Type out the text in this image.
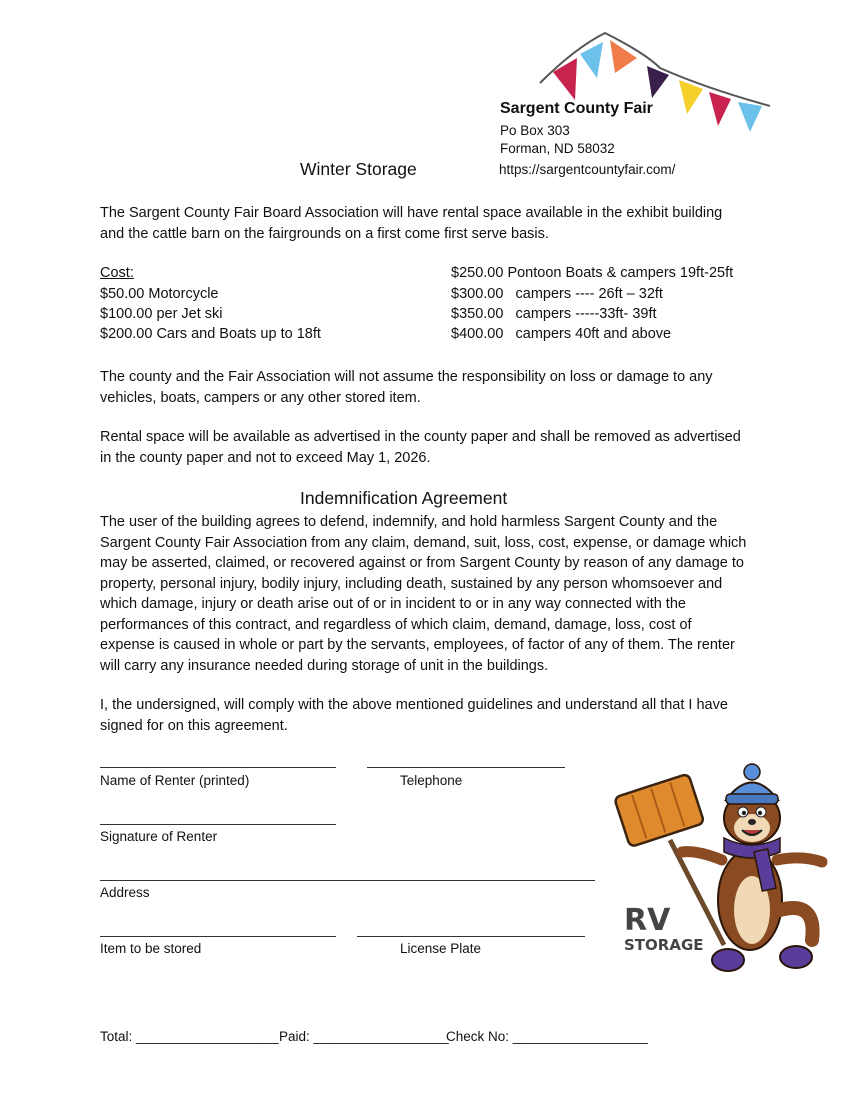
Sargent County Fair
Po Box 303
Forman, ND 58032
https://sargentcountyfair.com/
Winter Storage
The Sargent County Fair Board Association will have rental space available in the exhibit building and the cattle barn on the fairgrounds on a first come first serve basis.
Cost:
$50.00 Motorcycle
$100.00 per Jet ski
$200.00 Cars and Boats up to 18ft
$250.00 Pontoon Boats & campers 19ft-25ft
$300.00   campers ---- 26ft – 32ft
$350.00   campers -----33ft- 39ft
$400.00   campers 40ft and above
The county and the Fair Association will not assume the responsibility on loss or damage to any vehicles, boats, campers or any other stored item.
Rental space will be available as advertised in the county paper and shall be removed as advertised in the county paper and not to exceed May 1, 2026.
Indemnification Agreement
The user of the building agrees to defend, indemnify, and hold harmless Sargent County and the Sargent County Fair Association from any claim, demand, suit, loss, cost, expense, or damage which may be asserted, claimed, or recovered against or from Sargent County by reason of any damage to property, personal injury, bodily injury, including death, sustained by any person whomsoever and which damage, injury or death arise out of or in incident to or in any way connected with the performances of this contract, and regardless of which claim, demand, damage, loss, cost of expense is caused in whole or part by the servants, employees, of factor of any of them. The renter will carry any insurance needed during storage of unit in the buildings.
I, the undersigned, will comply with the above mentioned guidelines and understand all that I have signed for on this agreement.
Name of Renter (printed)	Telephone
Signature of Renter
Address
Item to be stored	License Plate
Total: ___________________ Paid: __________________
Check No: __________________
RV
STORAGE
